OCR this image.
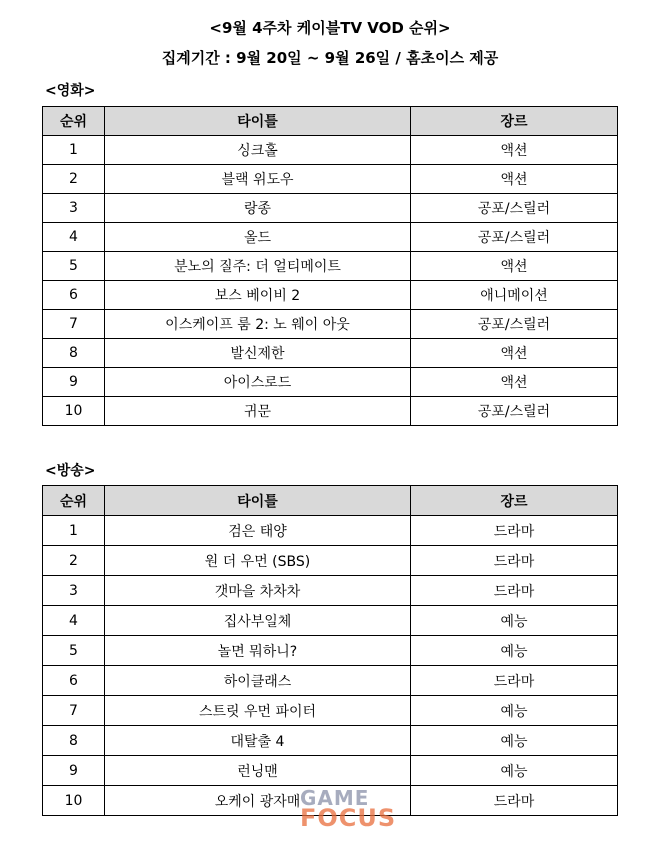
<9월 4주차 케이블TV VOD 순위>
집계기간 : 9월 20일 ~ 9월 26일 / 홈초이스 제공
<영화>
순위	타이틀	장르
1	싱크홀	액션
2	블랙 위도우	액션
3	랑종	공포/스릴러
4	올드	공포/스릴러
5	분노의 질주: 더 얼티메이트	액션
6	보스 베이비 2	애니메이션
7	이스케이프 룸 2: 노 웨이 아웃	공포/스릴러
8	발신제한	액션
9	아이스로드	액션
10	귀문	공포/스릴러
<방송>
순위	타이틀	장르
1	검은 태양	드라마
2	원 더 우먼 (SBS)	드라마
3	갯마을 차차차	드라마
4	집사부일체	예능
5	놀면 뭐하니?	예능
6	하이클래스	드라마
7	스트릿 우먼 파이터	예능
8	대탈출 4	예능
9	런닝맨	예능
10	오케이 광자매	드라마
GAME
FOCUS
